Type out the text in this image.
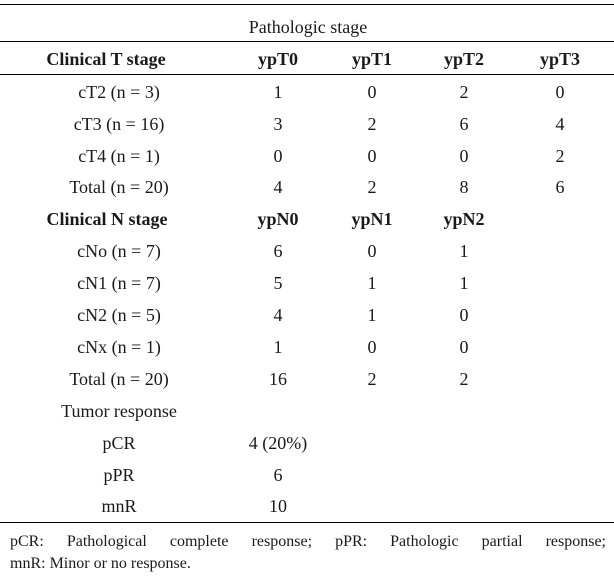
Pathologic stage
Clinical T stage	ypT0	ypT1	ypT2	ypT3
cT2 (n = 3)	1	0	2	0
cT3 (n = 16)	3	2	6	4
cT4 (n = 1)	0	0	0	2
Total (n = 20)	4	2	8	6
Clinical N stage	ypN0	ypN1	ypN2
cNo (n = 7)	6	0	1
cN1 (n = 7)	5	1	1
cN2 (n = 5)	4	1	0
cNx (n = 1)	1	0	0
Total (n = 20)	16	2	2
Tumor response
pCR	4 (20%)
pPR	6
mnR	10
pCR: Pathological complete response; pPR: Pathologic partial response;
mnR: Minor or no response.
